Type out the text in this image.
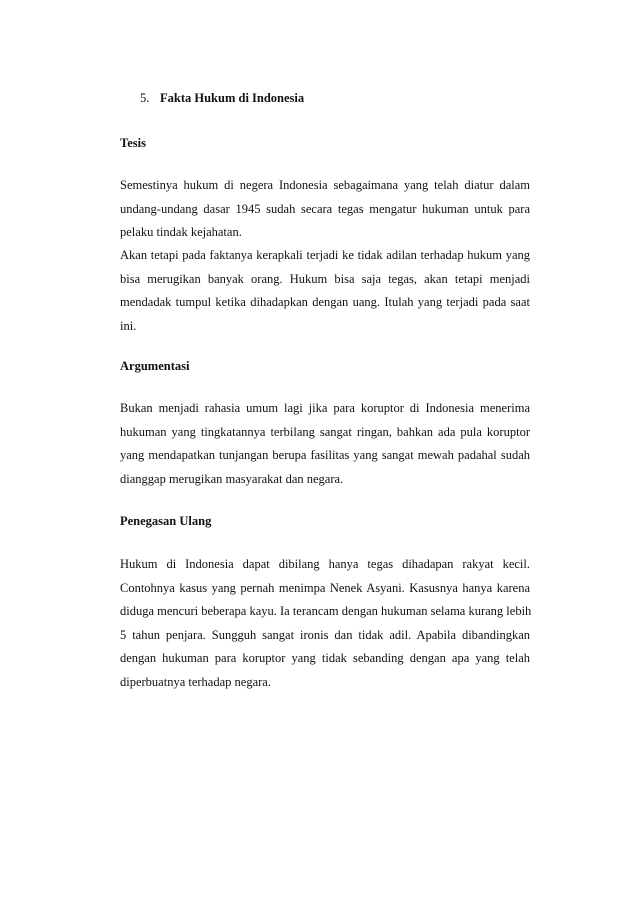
5. Fakta Hukum di Indonesia
Tesis
Semestinya hukum di negera Indonesia sebagaimana yang telah diatur dalam
undang-undang dasar 1945 sudah secara tegas mengatur hukuman untuk para
pelaku tindak kejahatan.
Akan tetapi pada faktanya kerapkali terjadi ke tidak adilan terhadap hukum yang
bisa merugikan banyak orang. Hukum bisa saja tegas, akan tetapi menjadi
mendadak tumpul ketika dihadapkan dengan uang. Itulah yang terjadi pada saat
ini.
Argumentasi
Bukan menjadi rahasia umum lagi jika para koruptor di Indonesia menerima
hukuman yang tingkatannya terbilang sangat ringan, bahkan ada pula koruptor
yang mendapatkan tunjangan berupa fasilitas yang sangat mewah padahal sudah
dianggap merugikan masyarakat dan negara.
Penegasan Ulang
Hukum di Indonesia dapat dibilang hanya tegas dihadapan rakyat kecil.
Contohnya kasus yang pernah menimpa Nenek Asyani. Kasusnya hanya karena
diduga mencuri beberapa kayu. Ia terancam dengan hukuman selama kurang lebih
5 tahun penjara. Sungguh sangat ironis dan tidak adil. Apabila dibandingkan
dengan hukuman para koruptor yang tidak sebanding dengan apa yang telah
diperbuatnya terhadap negara.
